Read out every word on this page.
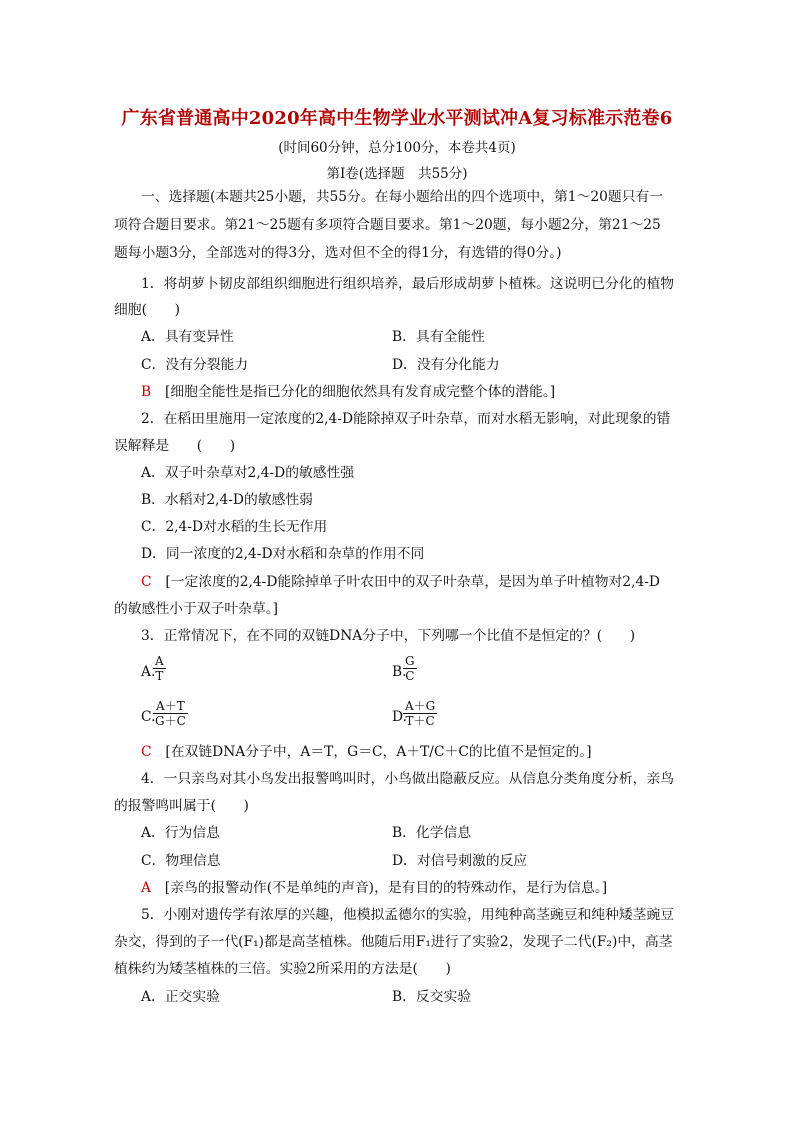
广东省普通高中2020年高中生物学业水平测试冲A复习标准示范卷6
(时间60分钟，总分100分，本卷共4页)
第Ⅰ卷(选择题　共55分)
一、选择题(本题共25小题，共55分。在每小题给出的四个选项中，第1～20题只有一
项符合题目要求。第21～25题有多项符合题目要求。第1～20题，每小题2分，第21～25
题每小题3分，全部选对的得3分，选对但不全的得1分，有选错的得0分。)
1．将胡萝卜韧皮部组织细胞进行组织培养，最后形成胡萝卜植株。这说明已分化的植物
细胞(　　)
A．具有变异性	B．具有全能性
C．没有分裂能力	D．没有分化能力
B　 [细胞全能性是指已分化的细胞依然具有发育成完整个体的潜能。]
2．在稻田里施用一定浓度的2,4-D能除掉双子叶杂草，而对水稻无影响，对此现象的错
误解释是　　(　　)
A．双子叶杂草对2,4-D的敏感性强
B．水稻对2,4-D的敏感性弱
C．2,4-D对水稻的生长无作用
D．同一浓度的2,4-D对水稻和杂草的作用不同
C　 [一定浓度的2,4-D能除掉单子叶农田中的双子叶杂草，是因为单子叶植物对2,4-D
的敏感性小于双子叶杂草。]
3．正常情况下，在不同的双链DNA分子中，下列哪一个比值不是恒定的？(　　)
A.
$\frac{A}{T}$	B.
$\frac{G}{C}$
C.
$\frac{A+T}{G+C}$	D.
$\frac{A+G}{T+C}$
C　 [在双链DNA分子中，A＝T，G＝C，A＋T/C＋C的比值不是恒定的。]
4．一只亲鸟对其小鸟发出报警鸣叫时，小鸟做出隐蔽反应。从信息分类角度分析，亲鸟
的报警鸣叫属于(　　)
A．行为信息	B．化学信息
C．物理信息	D．对信号刺激的反应
A　 [亲鸟的报警动作(不是单纯的声音)，是有目的的特殊动作，是行为信息。]
5．小刚对遗传学有浓厚的兴趣，他模拟孟德尔的实验，用纯种高茎豌豆和纯种矮茎豌豆
杂交，得到的子一代(F₁)都是高茎植株。他随后用F₁进行了实验2，发现子二代(F₂)中，高茎
植株约为矮茎植株的三倍。实验2所采用的方法是(　　)
A．正交实验	B．反交实验
